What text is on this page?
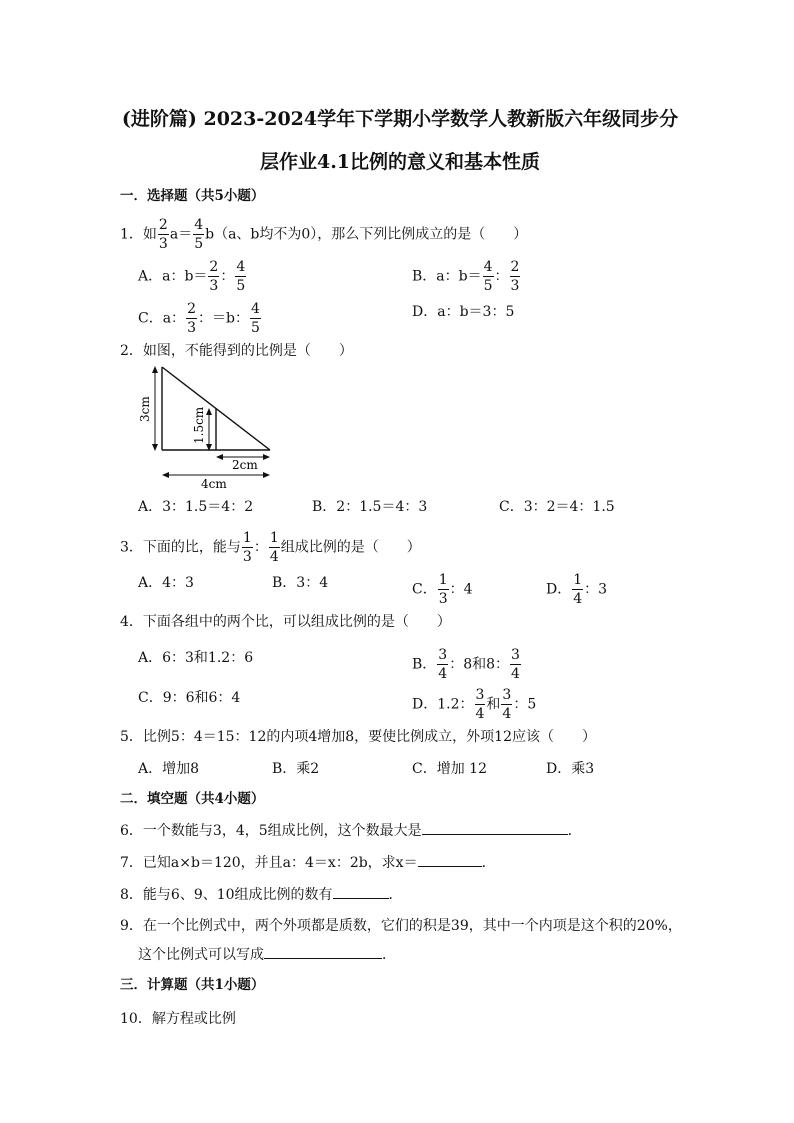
(进阶篇) 2023-2024学年下学期小学数学人教新版六年级同步分
层作业4.1比例的意义和基本性质
一．选择题（共5小题）
1．如 $\frac{2}{3} a= \frac{4}{5} b(a$、b均不为0），那么下列比例成立的是（　　）
A．a：$b= \frac{2}{3}$ ： $\frac{4}{5}$	B．a：$b= \frac{4}{5}$ ： $\frac{2}{3}$
C．a： $\frac{2}{3}$ ：＝b： $\frac{4}{5}$	D．a：b＝3：5
2．如图，不能得到的比例是（　　）
3cm	1.5cm
2cm
4cm
A．3：1.5＝4：2	B．2：1.5＝4：3	C．3：2＝4：1.5
3．下面的比，能与 $\frac{1}{3}$ ： $\frac{1}{4}$ 组成比例的是（　　）
A．4：3	B．3：4	C． $\frac{1}{3}$ ：4	D． $\frac{1}{4}$ ：3
4．下面各组中的两个比，可以组成比例的是（　　）
A．6：3和1.2：6	B． $\frac{3}{4}$ ：8和8： $\frac{3}{4}$
C．9：6和6：4	D．1.2： $\frac{3}{4}$ 和 $\frac{3}{4}$ ：5
5．比例5：4＝15：12的内项4增加8，要使比例成立，外项12应该（　　）
A．增加8	B．乘2	C．增加 12	D．乘3
二．填空题（共4小题）
6．一个数能与3，4，5组成比例，这个数最大是	．
7．已知a×b＝120，并且a：4＝x：2b，求x＝	．
8．能与6、9、10组成比例的数有	．
9．在一个比例式中，两个外项都是质数，它们的积是39，其中一个内项是这个积的20%，
这个比例式可以写成	．
三．计算题（共1小题）
10．解方程或比例
